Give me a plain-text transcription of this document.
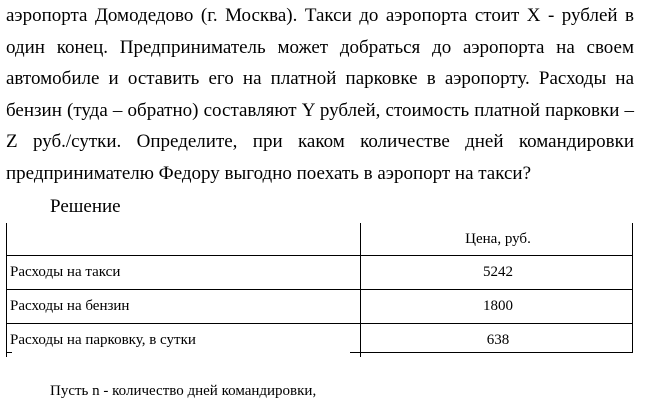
аэропорта Домодедово (г. Москва). Такси до аэропорта стоит X - рублей в
один конец. Предприниматель может добраться до аэропорта на своем
автомобиле и оставить его на платной парковке в аэропорту. Расходы на
бензин (туда – обратно) составляют Y рублей, стоимость платной парковки –
Z руб./сутки. Определите, при каком количестве дней командировки
предпринимателю Федору выгодно поехать в аэропорт на такси?
Решение
	Цена, руб.
Расходы на такси	5242
Расходы на бензин	1800
Расходы на парковку, в сутки	638
Пусть n - количество дней командировки,
